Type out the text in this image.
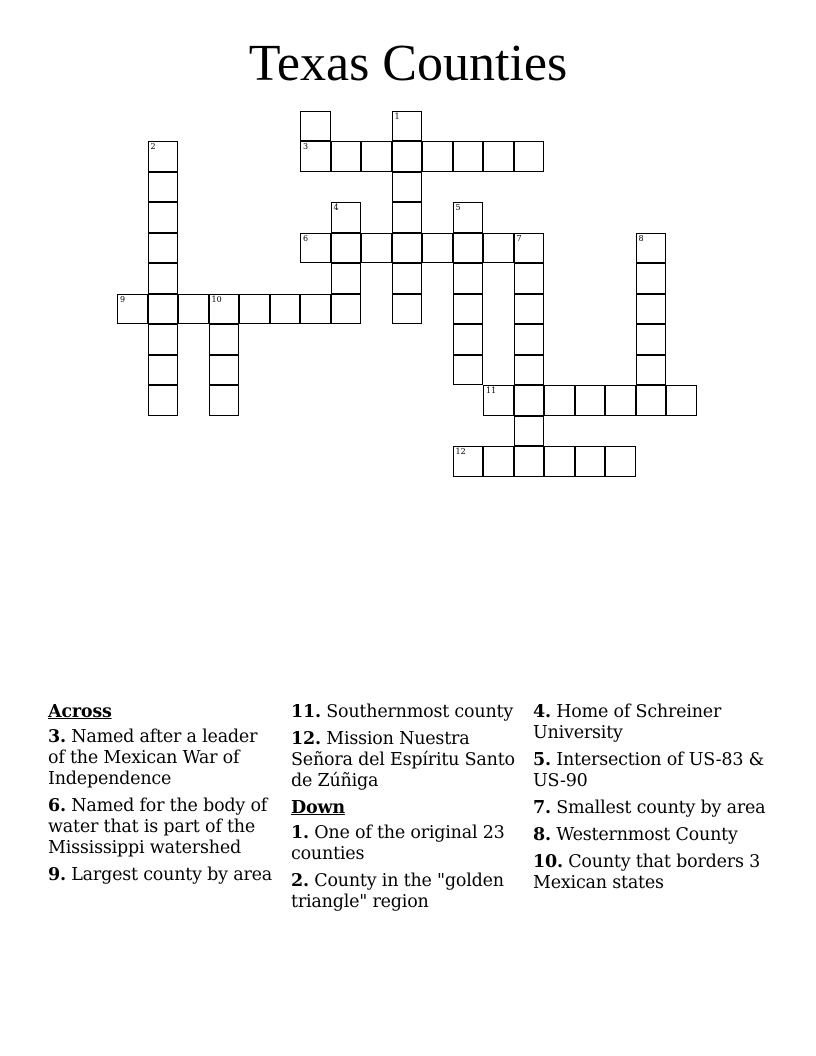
Texas Counties
3
2
1
4	5
6	7	8
9	10
11
12
Across
3. Named after a leader of the Mexican War of Independence
6. Named for the body of water that is part of the Mississippi watershed
9. Largest county by area
11. Southernmost county
12. Mission Nuestra Señora del Espíritu Santo de Zúñiga
Down
1. One of the original 23 counties
2. County in the "golden triangle" region
4. Home of Schreiner University
5. Intersection of US-83 & US-90
7. Smallest county by area
8. Westernmost County
10. County that borders 3 Mexican states
